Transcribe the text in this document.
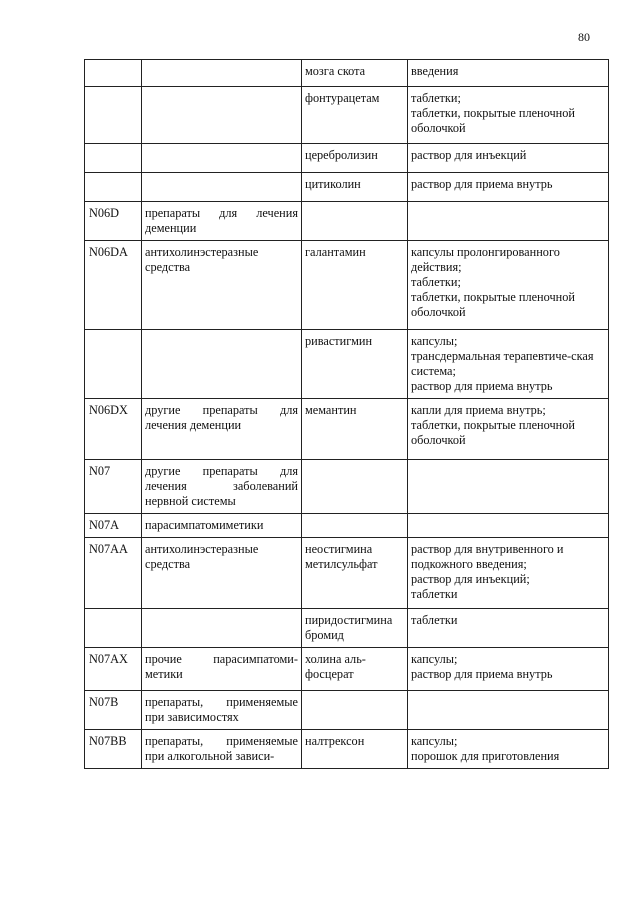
80
		мозга скота	введения
		фонтурацетам	таблетки;
таблетки, покрытые пленочной оболочкой
		церебролизин	раствор для инъекций
		цитиколин	раствор для приема внутрь
N06D	препараты для лечения деменции		
N06DA	антихолинэстеразные средства	галантамин	капсулы пролонгированного действия;
таблетки;
таблетки, покрытые пленочной оболочкой
		ривастигмин	капсулы;
трансдермальная терапевтиче-ская система;
раствор для приема внутрь
N06DX	другие препараты для лечения деменции	мемантин	капли для приема внутрь;
таблетки, покрытые пленочной оболочкой
N07	другие препараты для лечения заболеваний нервной системы		
N07A	парасимпатомиметики		
N07AA	антихолинэстеразные средства	неостигмина метилсульфат	раствор для внутривенного и подкожного введения;
раствор для инъекций;
таблетки
		пиридостигмина бромид	таблетки
N07AX	прочие парасимпатоми-метики	холина аль-фосцерат	капсулы;
раствор для приема внутрь
N07B	препараты, применяемые при зависимостях		
N07BB	препараты, применяемые при алкогольной зависи-	налтрексон	капсулы;
порошок для приготовления
